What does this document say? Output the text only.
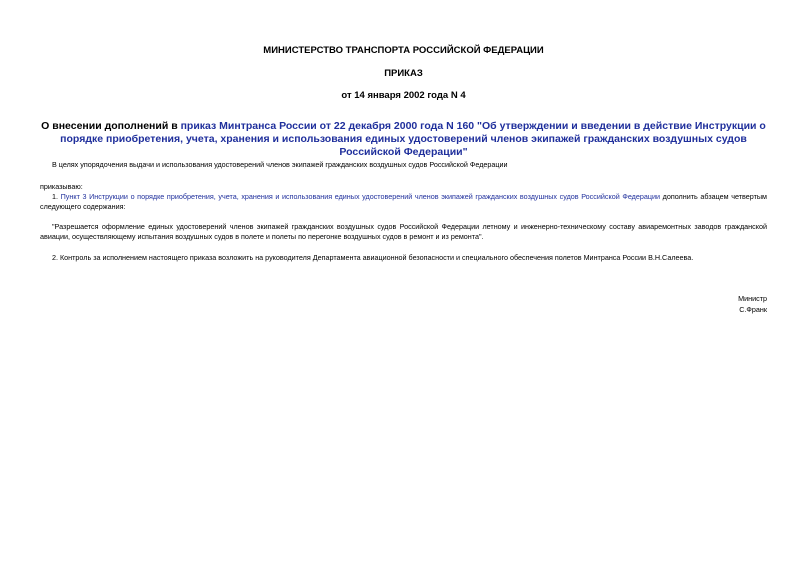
МИНИСТЕРСТВО ТРАНСПОРТА РОССИЙСКОЙ ФЕДЕРАЦИИ
ПРИКАЗ
от 14 января 2002 года N 4
О внесении дополнений в приказ Минтранса России от 22 декабря 2000 года N 160 "Об утверждении и введении в действие Инструкции о порядке приобретения, учета, хранения и использования единых удостоверений членов экипажей гражданских воздушных судов Российской Федерации"
В целях упорядочения выдачи и использования удостоверений членов экипажей гражданских воздушных судов Российской Федерации
приказываю:
1. Пункт 3 Инструкции о порядке приобретения, учета, хранения и использования единых удостоверений членов экипажей гражданских воздушных судов Российской Федерации дополнить абзацем четвертым следующего содержания:
"Разрешается оформление единых удостоверений членов экипажей гражданских воздушных судов Российской Федерации летному и инженерно-техническому составу авиаремонтных заводов гражданской авиации, осуществляющему испытания воздушных судов в полете и полеты по перегонке воздушных судов в ремонт и из ремонта".
2. Контроль за исполнением настоящего приказа возложить на руководителя Департамента авиационной безопасности и специального обеспечения полетов Минтранса России В.Н.Салеева.
Министр
С.Франк
